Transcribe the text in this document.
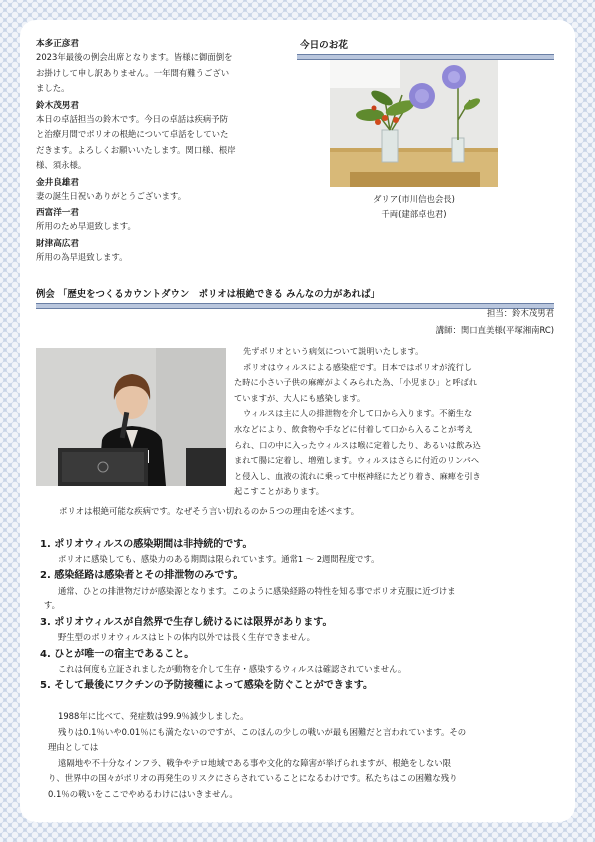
本多正彦君
2023年最後の例会出席となります。皆様に御面倒を
お掛けして申し訳ありません。一年間有難うござい
ました。
鈴木茂男君
本日の卓話担当の鈴木です。今日の卓話は疾病予防
と治療月間でポリオの根絶について卓話をしていた
だきます。よろしくお願いいたします。関口様、根岸
様、須永様。
金井良雄君
妻の誕生日祝いありがとうございます。
西富洋一君
所用のため早退致します。
財津高広君
所用の為早退致します。
今日のお花
ダリア(市川信也会長)
千両(建部卓也君)
例会 「歴史をつくるカウントダウン　ポリオは根絶できる みんなの力があれば」
担当：鈴木茂男君
講師：関口直美様(平塚湘南RC)
先ずポリオという病気について説明いたします。
ポリオはウィルスによる感染症です。日本ではポリオが流行し
た時に小さい子供の麻痺がよくみられた為、「小児まひ」と呼ばれ
ていますが、大人にも感染します。
ウィルスは主に人の排泄物を介して口から入ります。不衛生な
水などにより、飲食物や手などに付着して口から入ることが考え
られ、口の中に入ったウィルスは喉に定着したり、あるいは飲み込
まれて腸に定着し、増殖します。ウィルスはさらに付近のリンパへ
と侵入し、血液の流れに乗って中枢神経にたどり着き、麻痺を引き
起こすことがあります。
ポリオは根絶可能な疾病です。なぜそう言い切れるのか５つの理由を述べます。
1. ポリオウィルスの感染期間は非持続的です。
ポリオに感染しても、感染力のある期間は限られています。通常1 ～ 2週間程度です。
2. 感染経路は感染者とその排泄物のみです。
通常、ひとの排泄物だけが感染源となります。このように感染経路の特性を知る事でポリオ克服に近づけま
す。
3. ポリオウィルスが自然界で生存し続けるには限界があります。
野生型のポリオウィルスはヒトの体内以外では長く生存できません。
4. ひとが唯一の宿主であること。
これは何度も立証されましたが動物を介して生存・感染するウィルスは確認されていません。
5. そして最後にワクチンの予防接種によって感染を防ぐことができます。
1988年に比べて、発症数は99.9％減少しました。
残りは0.1％いや0.01％にも満たないのですが、このほんの少しの戦いが最も困難だと言われています。その
理由としては
遠隔地や不十分なインフラ、戦争やテロ地域である事や文化的な障害が挙げられますが、根絶をしない限
り、世界中の国々がポリオの再発生のリスクにさらされていることになるわけです。私たちはこの困難な残り
0.1％の戦いをここでやめるわけにはいきません。
